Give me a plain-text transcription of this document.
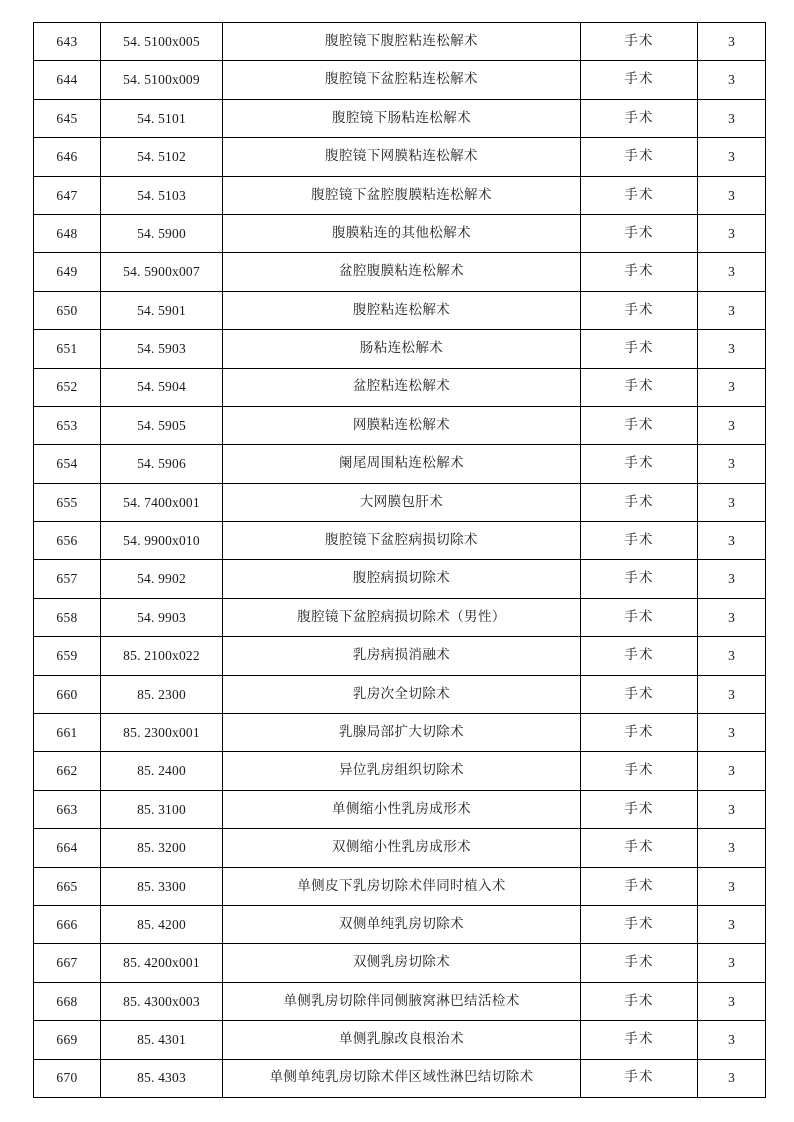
643	54. 5100x005	腹腔镜下腹腔粘连松解术	手术	3
644	54. 5100x009	腹腔镜下盆腔粘连松解术	手术	3
645	54. 5101	腹腔镜下肠粘连松解术	手术	3
646	54. 5102	腹腔镜下网膜粘连松解术	手术	3
647	54. 5103	腹腔镜下盆腔腹膜粘连松解术	手术	3
648	54. 5900	腹膜粘连的其他松解术	手术	3
649	54. 5900x007	盆腔腹膜粘连松解术	手术	3
650	54. 5901	腹腔粘连松解术	手术	3
651	54. 5903	肠粘连松解术	手术	3
652	54. 5904	盆腔粘连松解术	手术	3
653	54. 5905	网膜粘连松解术	手术	3
654	54. 5906	阑尾周围粘连松解术	手术	3
655	54. 7400x001	大网膜包肝术	手术	3
656	54. 9900x010	腹腔镜下盆腔病损切除术	手术	3
657	54. 9902	腹腔病损切除术	手术	3
658	54. 9903	腹腔镜下盆腔病损切除术（男性）	手术	3
659	85. 2100x022	乳房病损消融术	手术	3
660	85. 2300	乳房次全切除术	手术	3
661	85. 2300x001	乳腺局部扩大切除术	手术	3
662	85. 2400	异位乳房组织切除术	手术	3
663	85. 3100	单侧缩小性乳房成形术	手术	3
664	85. 3200	双侧缩小性乳房成形术	手术	3
665	85. 3300	单侧皮下乳房切除术伴同时植入术	手术	3
666	85. 4200	双侧单纯乳房切除术	手术	3
667	85. 4200x001	双侧乳房切除术	手术	3
668	85. 4300x003	单侧乳房切除伴同侧腋窝淋巴结活检术	手术	3
669	85. 4301	单侧乳腺改良根治术	手术	3
670	85. 4303	单侧单纯乳房切除术伴区域性淋巴结切除术	手术	3
